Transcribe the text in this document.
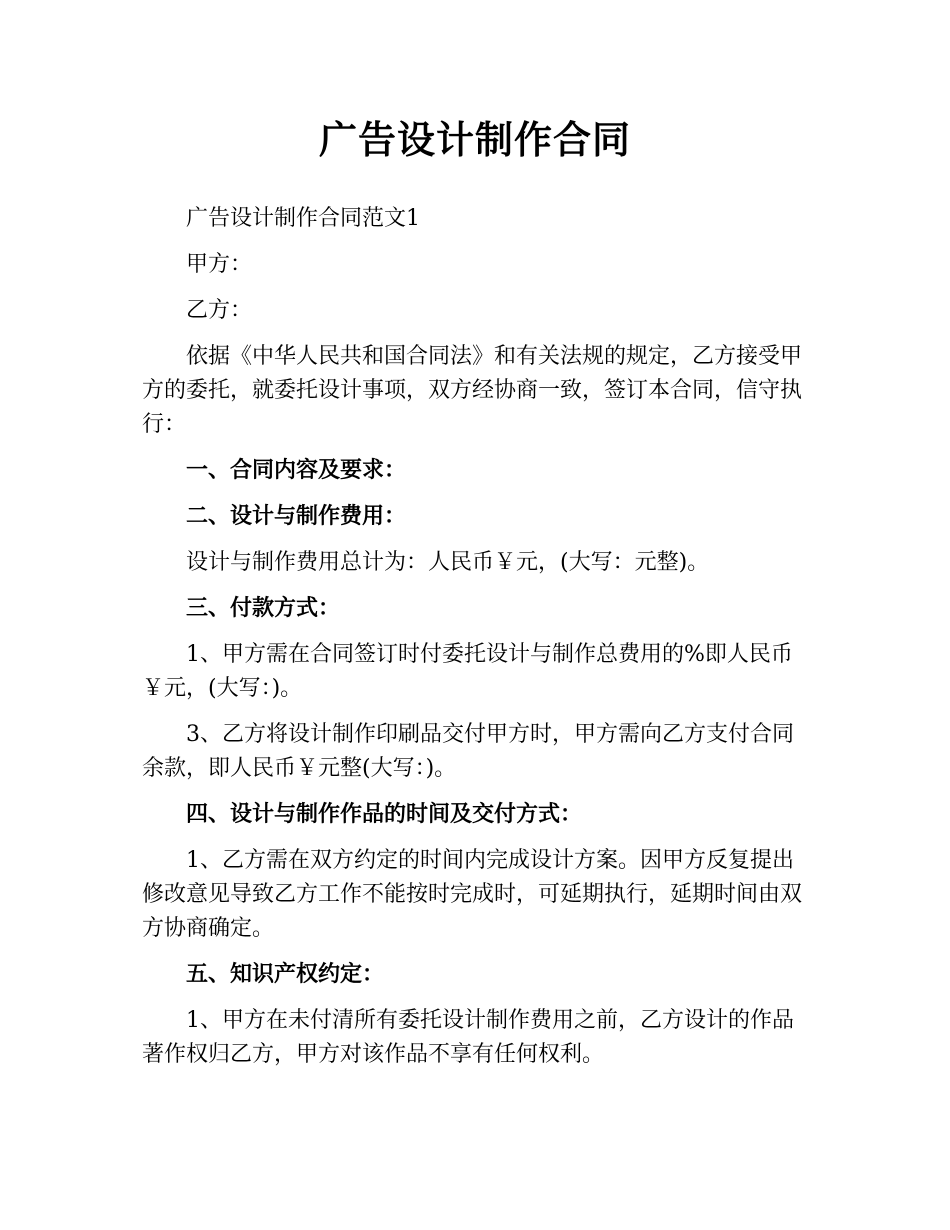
广告设计制作合同

广告设计制作合同范文1

甲方：

乙方：

依据《中华人民共和国合同法》和有关法规的规定，乙方接受甲方的委托，就委托设计事项，双方经协商一致，签订本合同，信守执行：

一、合同内容及要求：

二、设计与制作费用：

设计与制作费用总计为：人民币￥元，(大写：元整)。

三、付款方式：

1、甲方需在合同签订时付委托设计与制作总费用的%即人民币￥元，(大写：)。

3、乙方将设计制作印刷品交付甲方时，甲方需向乙方支付合同余款，即人民币￥元整(大写：)。

四、设计与制作作品的时间及交付方式：

1、乙方需在双方约定的时间内完成设计方案。因甲方反复提出修改意见导致乙方工作不能按时完成时，可延期执行，延期时间由双方协商确定。

五、知识产权约定：

1、甲方在未付清所有委托设计制作费用之前，乙方设计的作品著作权归乙方，甲方对该作品不享有任何权利。
